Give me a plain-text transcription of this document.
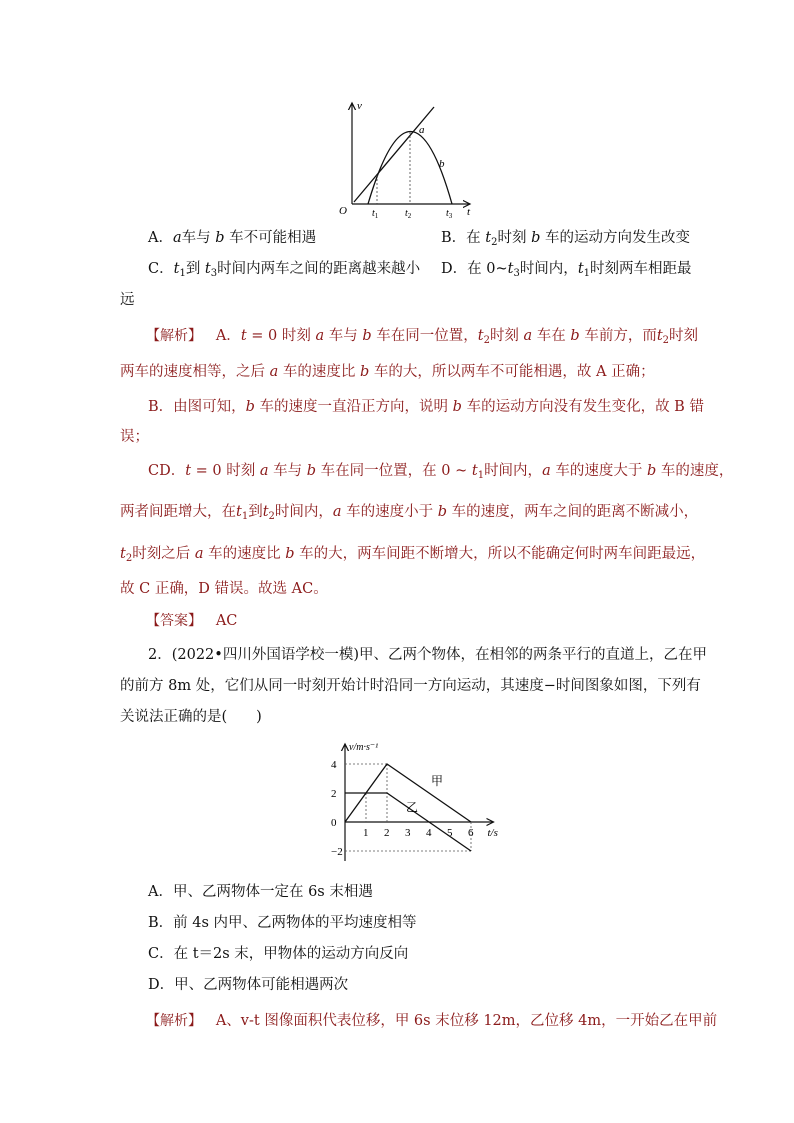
v
t
O
a
b
$t_1$	$t_2$	$t_3$
A．a车与 b 车不可能相遇	B．在 $t_2$时刻 b 车的运动方向发生改变
C．$t_1$到 $t_3$时间内两车之间的距离越来越小 D．在 $0\sim t_3$时间内，$t_1$时刻两车相距最
远
【解析】 A．t = 0 时刻 a 车与 b 车在同一位置，$t_2$时刻 a 车在 b 车前方，而$t_2$时刻
两车的速度相等，之后 a 车的速度比 b 车的大，所以两车不可能相遇，故 A 正确；
B．由图可知，b 车的速度一直沿正方向，说明 b 车的运动方向没有发生变化，故 B 错
误；
CD．t = 0 时刻 a 车与 b 车在同一位置，在 0 ~ $t_1$时间内，a 车的速度大于 b 车的速度，
两者间距增大，在$t_1$到$t_2$时间内，a 车的速度小于 b 车的速度，两车之间的距离不断减小，
$t_2$时刻之后 a 车的速度比 b 车的大，两车间距不断增大，所以不能确定何时两车间距最远，
故 C 正确，D 错误。故选 AC。
【答案】 AC
2．(2022•四川外国语学校一模)甲、乙两个物体，在相邻的两条平行的直道上，乙在甲
的前方 8m 处，它们从同一时刻开始计时沿同一方向运动，其速度−时间图象如图，下列有
关说法正确的是(　　)
v/m·s⁻¹
t/s
1 2 3 4 5 6
4
2
0
−2
甲
乙
A．甲、乙两物体一定在 6s 末相遇
B．前 4s 内甲、乙两物体的平均速度相等
C．在 t＝2s 末，甲物体的运动方向反向
D．甲、乙两物体可能相遇两次
【解析】 A、v-t 图像面积代表位移，甲 6s 末位移 12m，乙位移 4m，一开始乙在甲前
